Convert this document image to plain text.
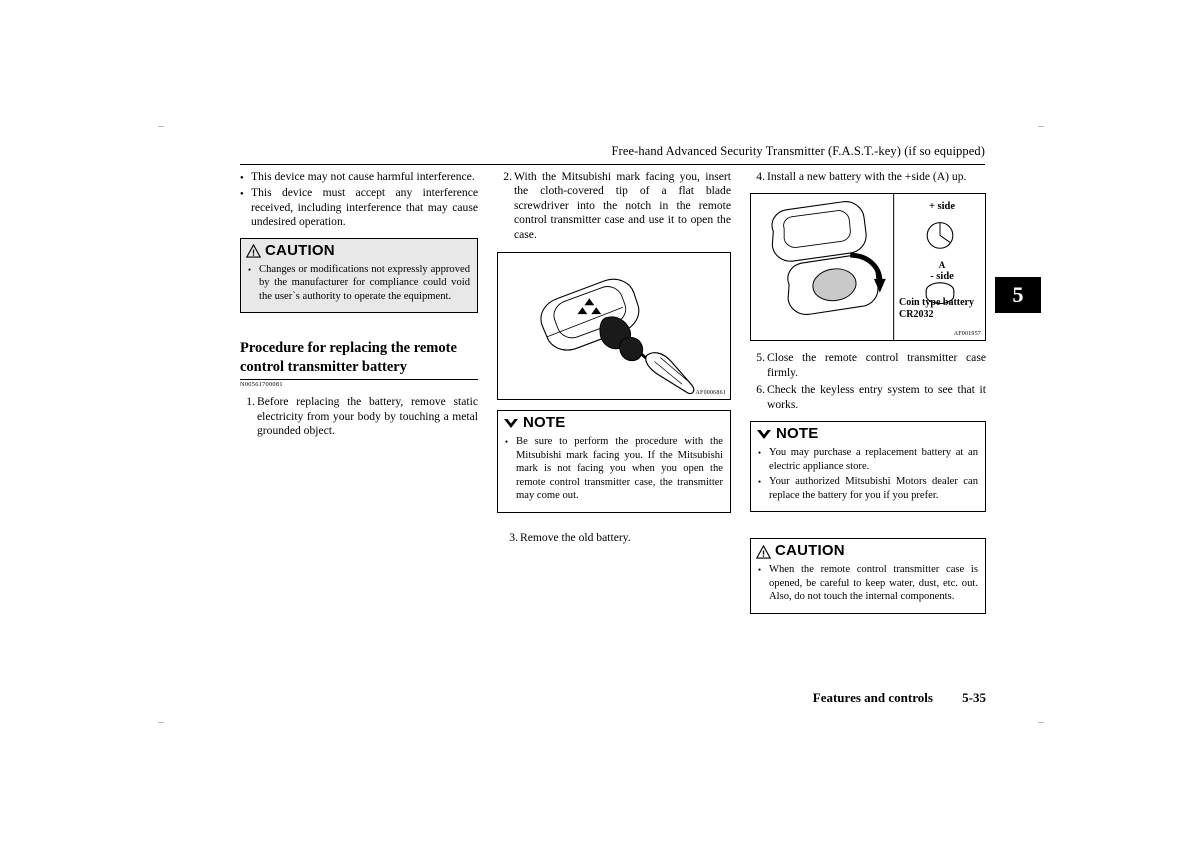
Free-hand Advanced Security Transmitter (F.A.S.T.-key) (if so equipped)
5
● This device may not cause harmful interference.
● This device must accept any interference received, including interference that may cause undesired operation.
CAUTION
● Changes or modifications not expressly approved by the manufacturer for compliance could void the user`s authority to operate the equipment.
Procedure for replacing the remote control transmitter battery
N00561700081
1. Before replacing the battery, remove static electricity from your body by touching a metal grounded object.
2. With the Mitsubishi mark facing you, insert the cloth-covered tip of a flat blade screwdriver into the notch in the remote control transmitter case and use it to open the case.
AF0006861
NOTE
● Be sure to perform the procedure with the Mitsubishi mark facing you. If the Mitsubishi mark is not facing you when you open the remote control transmitter case, the transmitter may come out.
3. Remove the old battery.
4. Install a new battery with the +side (A) up.
+ side
A
- side
Coin type battery CR2032
AF001957
5. Close the remote control transmitter case firmly.
6. Check the keyless entry system to see that it works.
NOTE
● You may purchase a replacement battery at an electric appliance store.
● Your authorized Mitsubishi Motors dealer can replace the battery for you if you prefer.
CAUTION
● When the remote control transmitter case is opened, be careful to keep water, dust, etc. out. Also, do not touch the internal components.
Features and controls 5-35
